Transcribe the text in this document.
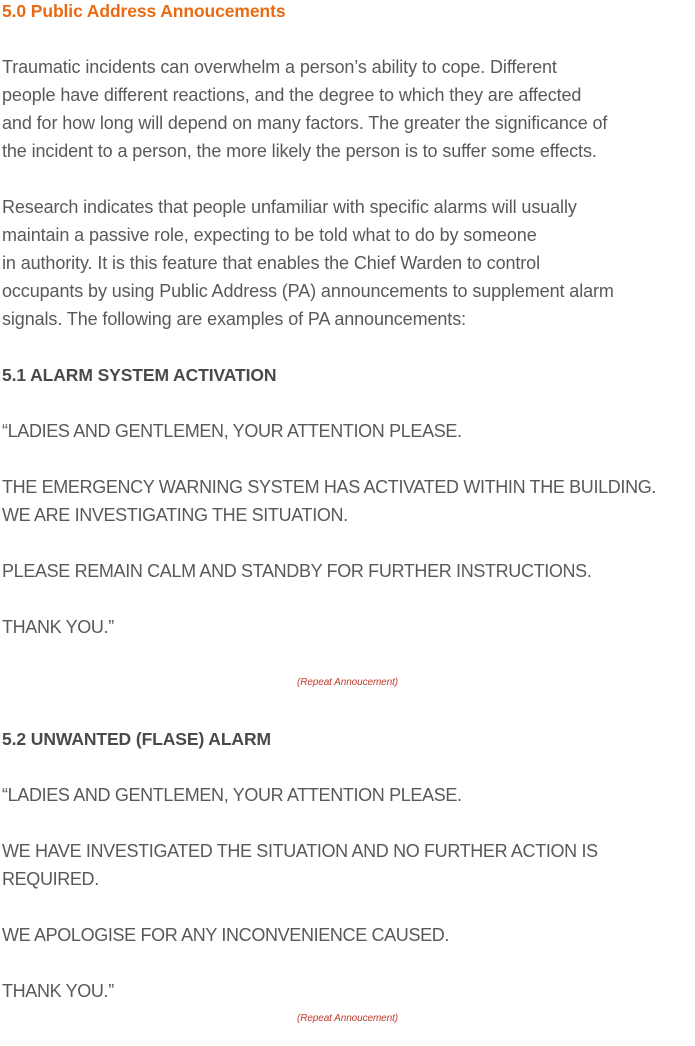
5.0 Public Address Annoucements
Traumatic incidents can overwhelm a person’s ability to cope. Different
people have different reactions, and the degree to which they are affected
and for how long will depend on many factors. The greater the significance of
the incident to a person, the more likely the person is to suffer some effects.
Research indicates that people unfamiliar with specific alarms will usually
maintain a passive role, expecting to be told what to do by someone
in authority. It is this feature that enables the Chief Warden to control
occupants by using Public Address (PA) announcements to supplement alarm
signals. The following are examples of PA announcements:
5.1 ALARM SYSTEM ACTIVATION
“LADIES AND GENTLEMEN, YOUR ATTENTION PLEASE.
THE EMERGENCY WARNING SYSTEM HAS ACTIVATED WITHIN THE BUILDING.
WE ARE INVESTIGATING THE SITUATION.
PLEASE REMAIN CALM AND STANDBY FOR FURTHER INSTRUCTIONS.
THANK YOU.”
(Repeat Annoucement)
5.2 UNWANTED (FLASE) ALARM
“LADIES AND GENTLEMEN, YOUR ATTENTION PLEASE.
WE HAVE INVESTIGATED THE SITUATION AND NO FURTHER ACTION IS
REQUIRED.
WE APOLOGISE FOR ANY INCONVENIENCE CAUSED.
THANK YOU.”
(Repeat Annoucement)
